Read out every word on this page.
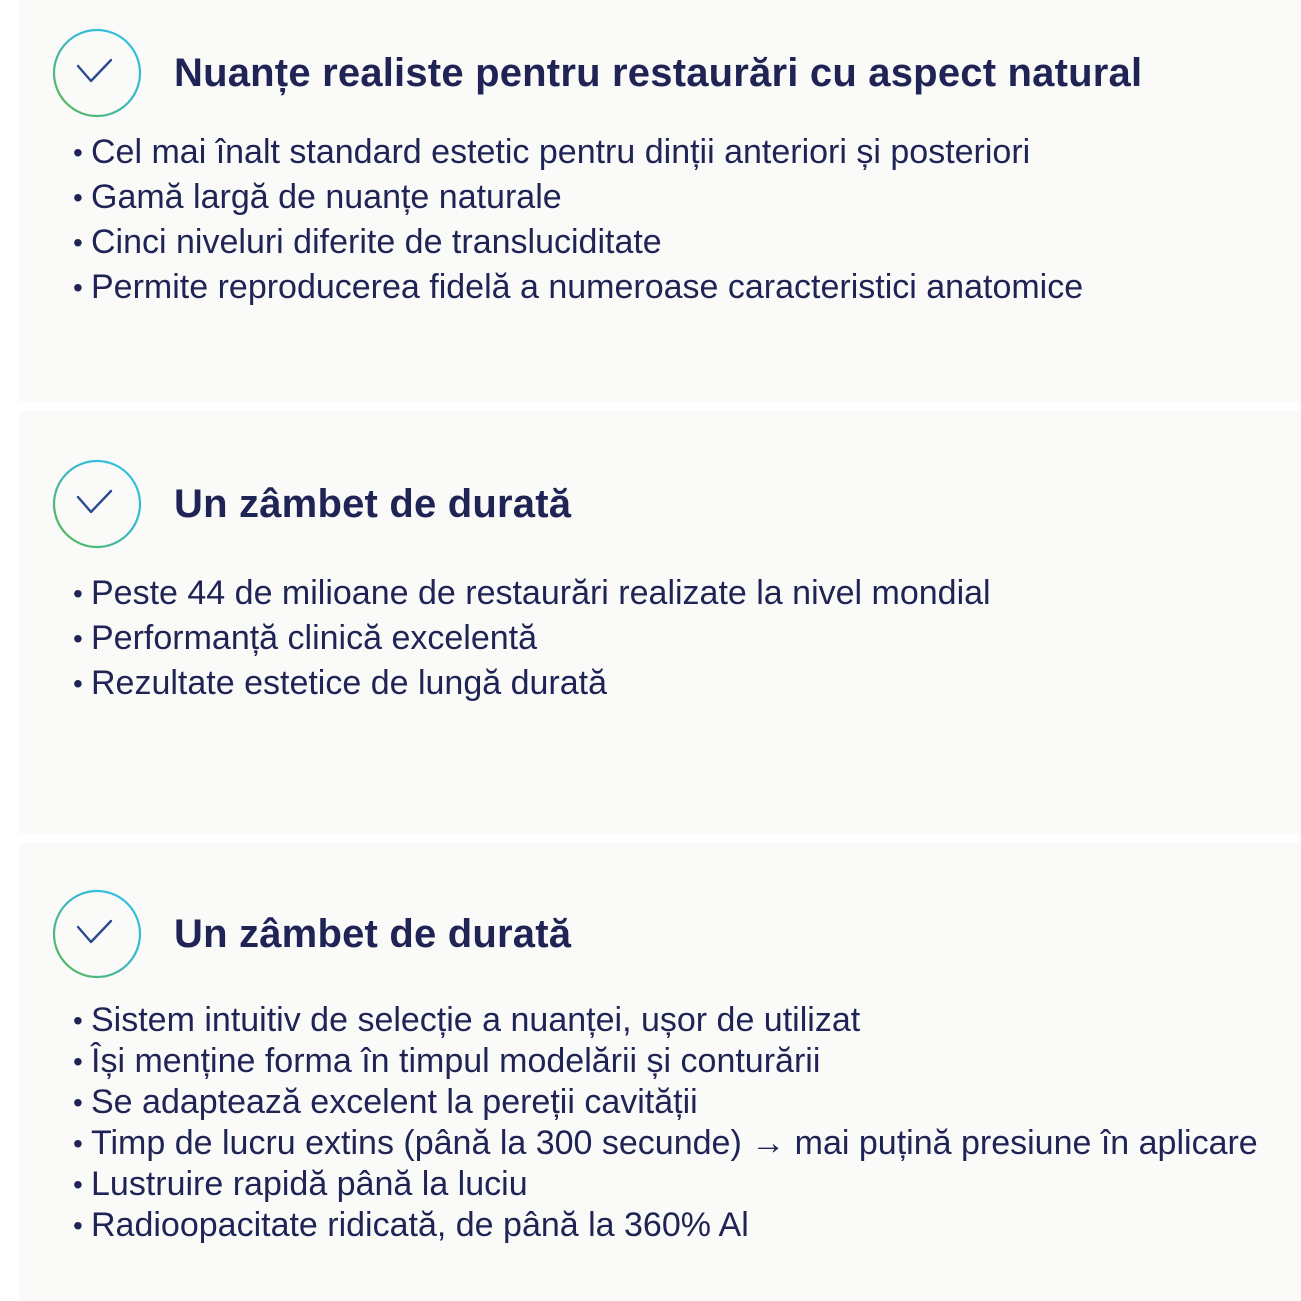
Nuanțe realiste pentru restaurări cu aspect natural
• Cel mai înalt standard estetic pentru dinții anteriori și posteriori
• Gamă largă de nuanțe naturale
• Cinci niveluri diferite de transluciditate
• Permite reproducerea fidelă a numeroase caracteristici anatomice
Un zâmbet de durată
• Peste 44 de milioane de restaurări realizate la nivel mondial
• Performanță clinică excelentă
• Rezultate estetice de lungă durată
Un zâmbet de durată
• Sistem intuitiv de selecție a nuanței, ușor de utilizat
• Își menține forma în timpul modelării și conturării
• Se adaptează excelent la pereții cavității
• Timp de lucru extins (până la 300 secunde) → mai puțină presiune în aplicare
• Lustruire rapidă până la luciu
• Radioopacitate ridicată, de până la 360% Al
